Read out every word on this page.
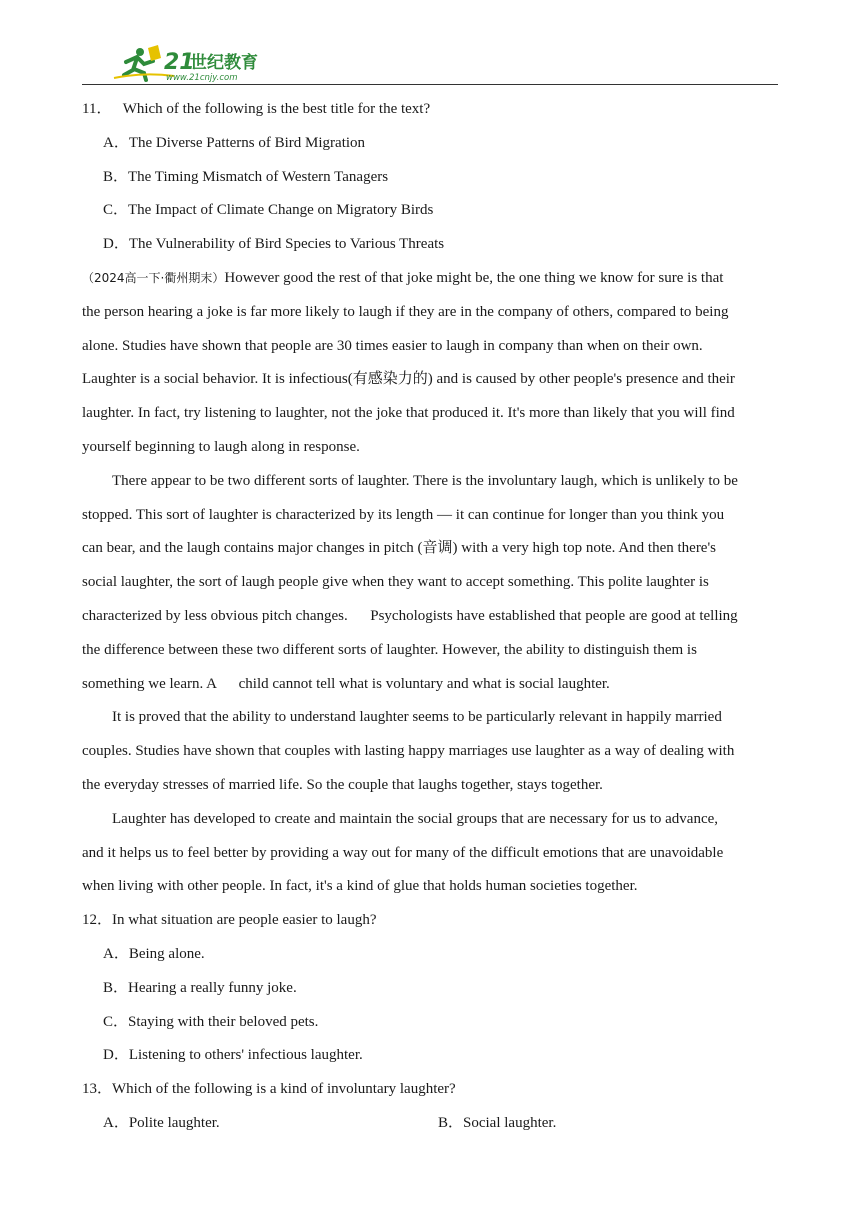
21
世纪教育
www.21cnjy.com
11． Which of the following is the best title for the text?
A．The Diverse Patterns of Bird Migration
B．The Timing Mismatch of Western Tanagers
C．The Impact of Climate Change on Migratory Birds
D．The Vulnerability of Bird Species to Various Threats
（2024高一下·衢州期末）However good the rest of that joke might be, the one thing we know for sure is that
the person hearing a joke is far more likely to laugh if they are in the company of others, compared to being
alone. Studies have shown that people are 30 times easier to laugh in company than when on their own.
Laughter is a social behavior. It is infectious(有感染力的) and is caused by other people's presence and their
laughter. In fact, try listening to laughter, not the joke that produced it. It's more than likely that you will find
yourself beginning to laugh along in response.
There appear to be two different sorts of laughter. There is the involuntary laugh, which is unlikely to be
stopped. This sort of laughter is characterized by its length — it can continue for longer than you think you
can bear, and the laugh contains major changes in pitch (音调) with a very high top note. And then there's
social laughter, the sort of laugh people give when they want to accept something. This polite laughter is
characterized by less obvious pitch changes.      Psychologists have established that people are good at telling
the difference between these two different sorts of laughter. However, the ability to distinguish them is
something we learn. A      child cannot tell what is voluntary and what is social laughter.
It is proved that the ability to understand laughter seems to be particularly relevant in happily married
couples. Studies have shown that couples with lasting happy marriages use laughter as a way of dealing with
the everyday stresses of married life. So the couple that laughs together, stays together.
Laughter has developed to create and maintain the social groups that are necessary for us to advance,
and it helps us to feel better by providing a way out for many of the difficult emotions that are unavoidable
when living with other people. In fact, it's a kind of glue that holds human societies together.
12．In what situation are people easier to laugh?
A．Being alone.
B．Hearing a really funny joke.
C．Staying with their beloved pets.
D．Listening to others' infectious laughter.
13．Which of the following is a kind of involuntary laughter?
A．Polite laughter.	B．Social laughter.
